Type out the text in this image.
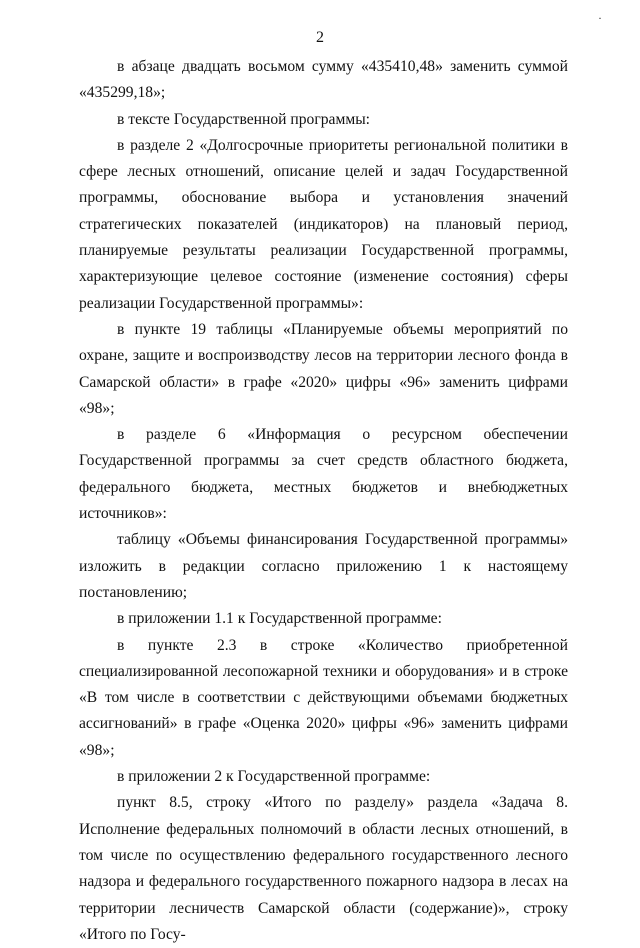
2
·

в абзаце двадцать восьмом сумму «435410,48» заменить суммой «435299,18»;

в тексте Государственной программы:

в разделе 2 «Долгосрочные приоритеты региональной политики в сфере лесных отношений, описание целей и задач Государственной программы, обоснование выбора и установления значений стратегических показателей (индикаторов) на плановый период, планируемые результаты реализации Государственной программы, характеризующие целевое состояние (изменение состояния) сферы реализации Государственной программы»:

в пункте 19 таблицы «Планируемые объемы мероприятий по охране, защите и воспроизводству лесов на территории лесного фонда в Самарской области» в графе «2020» цифры «96» заменить цифрами «98»;

в разделе 6 «Информация о ресурсном обеспечении Государственной программы за счет средств областного бюджета, федерального бюджета, местных бюджетов и внебюджетных источников»:

таблицу «Объемы финансирования Государственной программы» изложить в редакции согласно приложению 1 к настоящему постановлению;

в приложении 1.1 к Государственной программе:

в пункте 2.3 в строке «Количество приобретенной специализированной лесопожарной техники и оборудования» и в строке «В том числе в соответствии с действующими объемами бюджетных ассигнований» в графе «Оценка 2020» цифры «96» заменить цифрами «98»;

в приложении 2 к Государственной программе:

пункт 8.5, строку «Итого по разделу» раздела «Задача 8. Исполнение федеральных полномочий в области лесных отношений, в том числе по осуществлению федерального государственного лесного надзора и федерального государственного пожарного надзора в лесах на территории лесничеств Самарской области (содержание)», строку «Итого по Госу-
